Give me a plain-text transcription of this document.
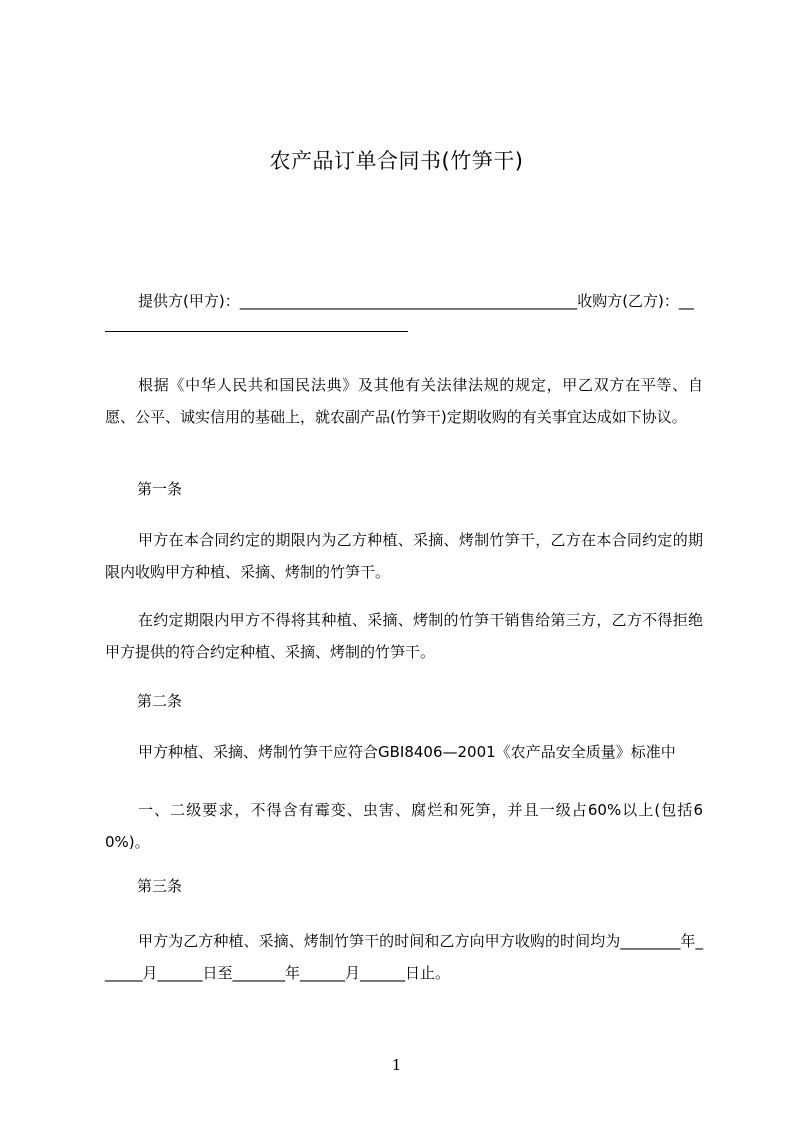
农产品订单合同书(竹笋干)
提供方(甲方)：_____________________________________________收购方(乙方)：__
根据《中华人民共和国民法典》及其他有关法律法规的规定，甲乙双方在平等、自愿、公平、诚实信用的基础上，就农副产品(竹笋干)定期收购的有关事宜达成如下协议。
第一条
甲方在本合同约定的期限内为乙方种植、采摘、烤制竹笋干，乙方在本合同约定的期限内收购甲方种植、采摘、烤制的竹笋干。
在约定期限内甲方不得将其种植、采摘、烤制的竹笋干销售给第三方，乙方不得拒绝甲方提供的符合约定种植、采摘、烤制的竹笋干。
第二条
甲方种植、采摘、烤制竹笋干应符合GBI8406—2001《农产品安全质量》标准中
一、二级要求，不得含有霉变、虫害、腐烂和死笋，并且一级占60%以上(包括60%)。
第三条
甲方为乙方种植、采摘、烤制竹笋干的时间和乙方向甲方收购的时间均为________年______月______日至_______年______月______日止。
1
